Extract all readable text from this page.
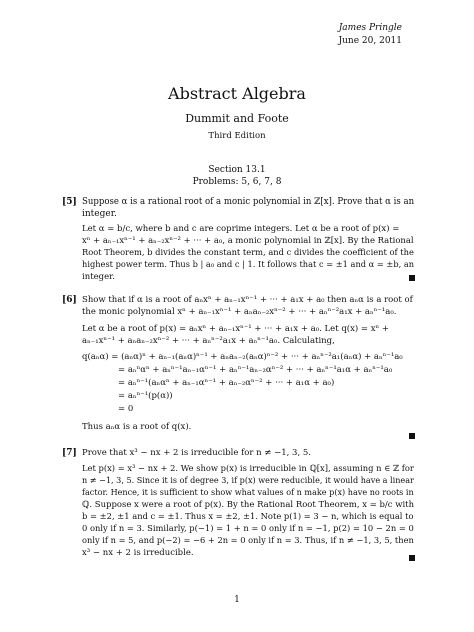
James Pringle
June 20, 2011
Abstract Algebra
Dummit and Foote
Third Edition
Section 13.1
Problems: 5, 6, 7, 8
[5] Suppose α is a rational root of a monic polynomial in ℤ[x]. Prove that α is an
integer.
Let α = b/c, where b and c are coprime integers. Let α be a root of p(x) =
xⁿ + aₙ₋₁xⁿ⁻¹ + aₙ₋₂xⁿ⁻² + ··· + a₀, a monic polynomial in ℤ[x]. By the Rational
Root Theorem, b divides the constant term, and c divides the coefficient of the
highest power term. Thus b | a₀ and c | 1. It follows that c = ±1 and α = ±b, an
integer.
[6] Show that if α is a root of aₙxⁿ + aₙ₋₁xⁿ⁻¹ + ··· + a₁x + a₀ then aₙα is a root of
the monic polynomial xⁿ + aₙ₋₁xⁿ⁻¹ + aₙaₙ₋₂xⁿ⁻² + ··· + aₙⁿ⁻²a₁x + aₙⁿ⁻¹a₀.
Let α be a root of p(x) = aₙxⁿ + aₙ₋₁xⁿ⁻¹ + ··· + a₁x + a₀. Let q(x) = xⁿ +
aₙ₋₁xⁿ⁻¹ + aₙaₙ₋₂xⁿ⁻² + ··· + aₙⁿ⁻²a₁x + aₙⁿ⁻¹a₀. Calculating,
q(aₙα) = (aₙα)ⁿ + aₙ₋₁(aₙα)ⁿ⁻¹ + aₙaₙ₋₂(aₙα)ⁿ⁻² + ··· + aₙⁿ⁻²a₁(aₙα) + aₙⁿ⁻¹a₀
= aₙⁿαⁿ + aₙⁿ⁻¹aₙ₋₁αⁿ⁻¹ + aₙⁿ⁻¹aₙ₋₂αⁿ⁻² + ··· + aₙⁿ⁻¹a₁α + aₙⁿ⁻¹a₀
= aₙⁿ⁻¹(aₙαⁿ + aₙ₋₁αⁿ⁻¹ + aₙ₋₂αⁿ⁻² + ··· + a₁α + a₀)
= aₙⁿ⁻¹(p(α))
= 0
Thus aₙα is a root of q(x).
[7] Prove that x³ − nx + 2 is irreducible for n ≠ −1, 3, 5.
Let p(x) = x³ − nx + 2. We show p(x) is irreducible in ℚ[x], assuming n ∈ ℤ for
n ≠ −1, 3, 5. Since it is of degree 3, if p(x) were reducible, it would have a linear
factor. Hence, it is sufficient to show what values of n make p(x) have no roots in
ℚ. Suppose x were a root of p(x). By the Rational Root Theorem, x = b/c with
b = ±2, ±1 and c = ±1. Thus x = ±2, ±1. Note p(1) = 3 − n, which is equal to
0 only if n = 3. Similarly, p(−1) = 1 + n = 0 only if n = −1, p(2) = 10 − 2n = 0
only if n = 5, and p(−2) = −6 + 2n = 0 only if n = 3. Thus, if n ≠ −1, 3, 5, then
x³ − nx + 2 is irreducible.
1
